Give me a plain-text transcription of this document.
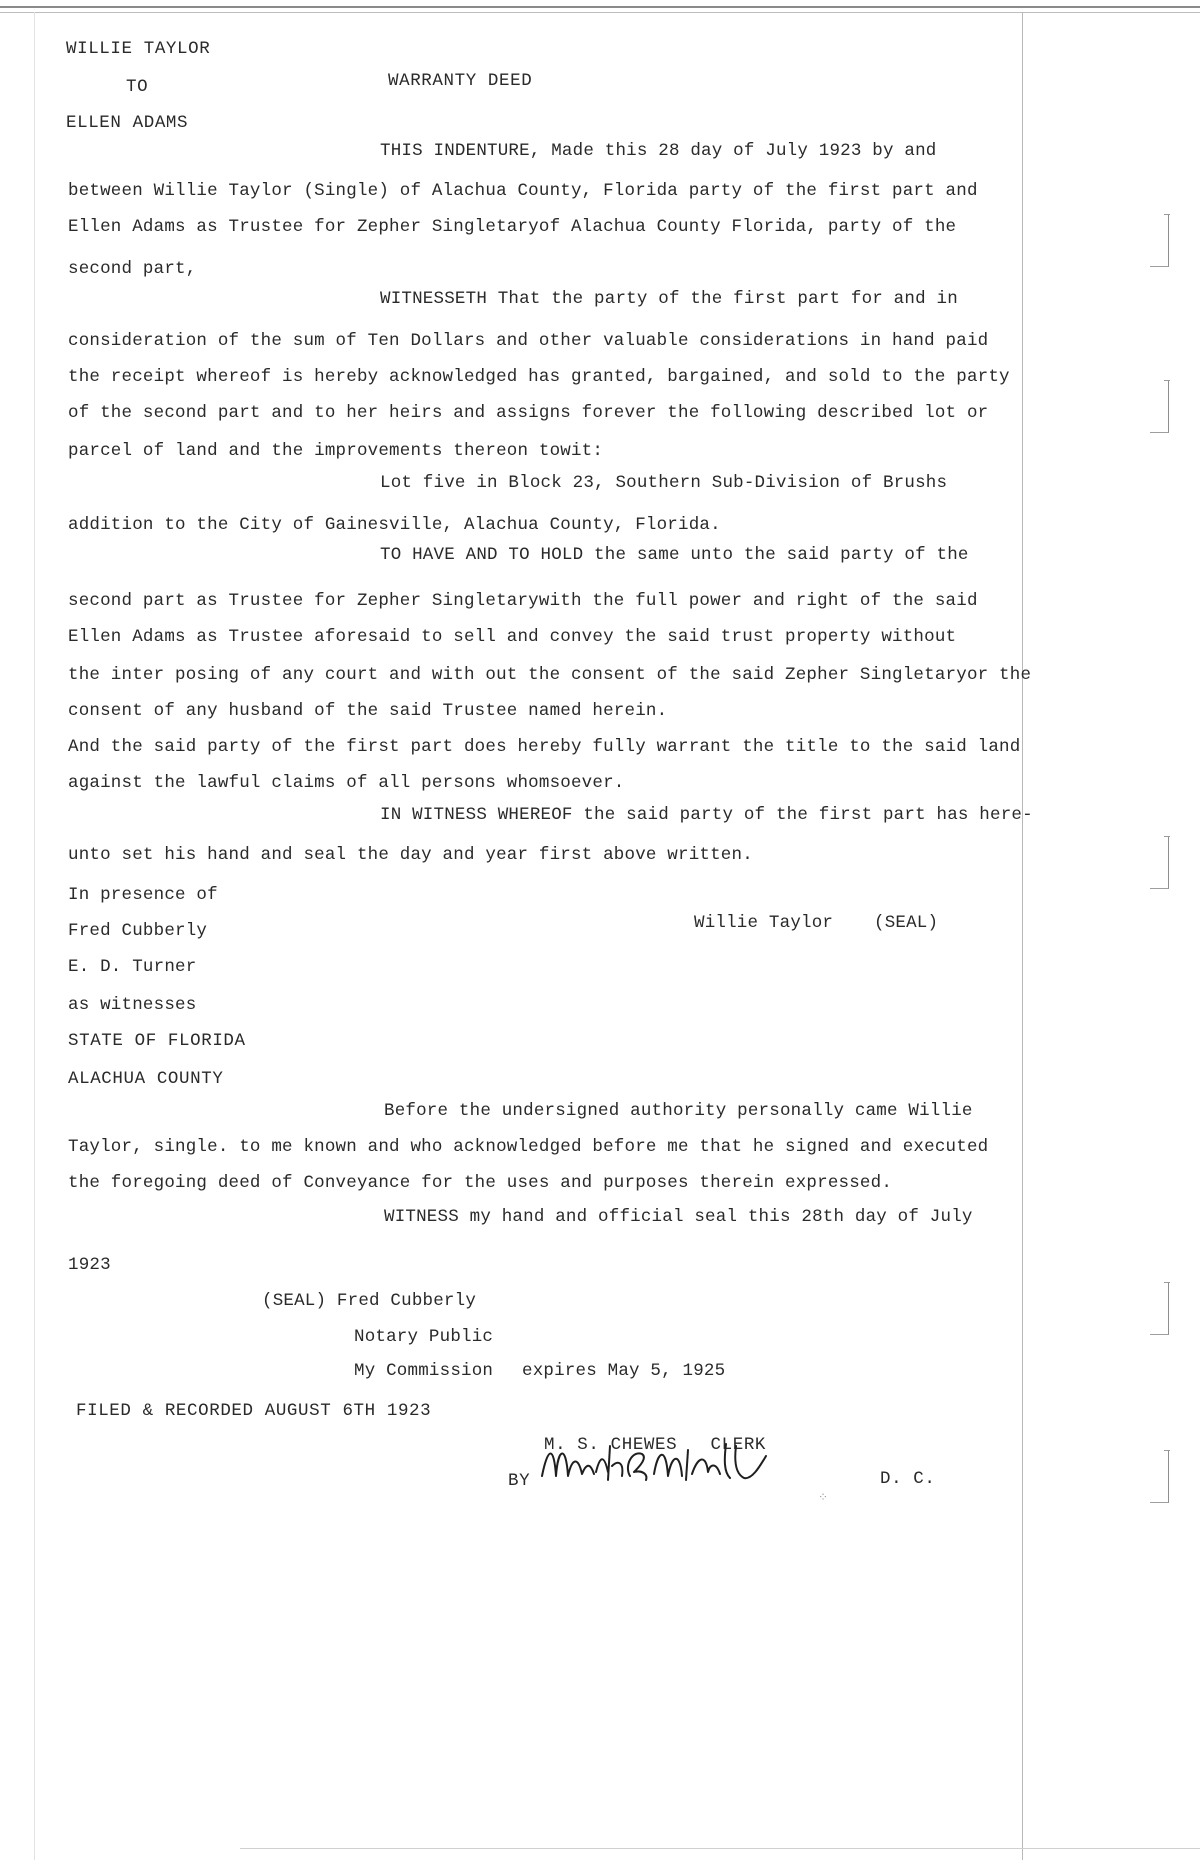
WILLIE TAYLOR
TO	WARRANTY DEED
ELLEN ADAMS
THIS INDENTURE, Made this 28 day of July 1923 by and
between Willie Taylor (Single) of Alachua County, Florida party of the first part and
Ellen Adams as Trustee for Zepher Singletaryof Alachua County Florida, party of the
second part,
WITNESSETH That the party of the first part for and in
consideration of the sum of Ten Dollars and other valuable considerations in hand paid
the receipt whereof is hereby acknowledged has granted, bargained, and sold to the party
of the second part and to her heirs and assigns forever the following described lot or
parcel of land and the improvements thereon towit:
Lot five in Block 23, Southern Sub-Division of Brushs
addition to the City of Gainesville, Alachua County, Florida.
TO HAVE AND TO HOLD the same unto the said party of the
second part as Trustee for Zepher Singletarywith the full power and right of the said
Ellen Adams as Trustee aforesaid to sell and convey the said trust property without
the inter posing of any court and with out the consent of the said Zepher Singletaryor the
consent of any husband of the said Trustee named herein.
And the said party of the first part does hereby fully warrant the title to the said land
against the lawful claims of all persons whomsoever.
IN WITNESS WHEREOF the said party of the first part has here-
unto set his hand and seal the day and year first above written.
In presence of
Fred Cubberly	Willie Taylor (SEAL)
E. D. Turner
as witnesses
STATE OF FLORIDA
ALACHUA COUNTY
Before the undersigned authority personally came Willie
Taylor, single. to me known and who acknowledged before me that he signed and executed
the foregoing deed of Conveyance for the uses and purposes therein expressed.
WITNESS my hand and official seal this 28th day of July
1923
(SEAL) Fred Cubberly
Notary Public
My Commission expires May 5, 1925
FILED & RECORDED AUGUST 6TH 1923
M. S. CHEWES   CLERK
BY	D. C.
⁘
